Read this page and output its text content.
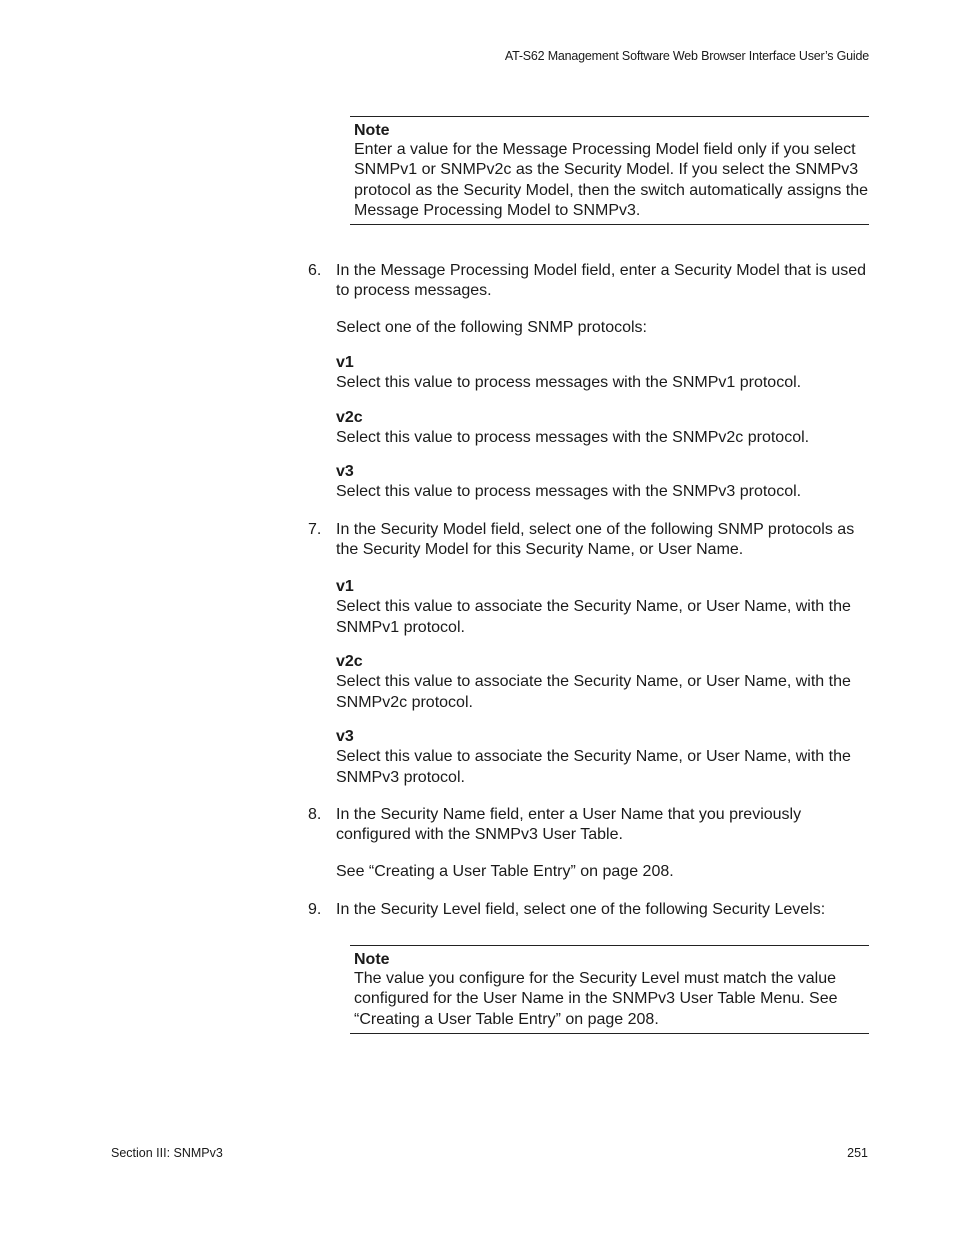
AT-S62 Management Software Web Browser Interface User’s Guide
Note
Enter a value for the Message Processing Model field only if you select SNMPv1 or SNMPv2c as the Security Model. If you select the SNMPv3 protocol as the Security Model, then the switch automatically assigns the Message Processing Model to SNMPv3.
6. In the Message Processing Model field, enter a Security Model that is used to process messages.
Select one of the following SNMP protocols:
v1
Select this value to process messages with the SNMPv1 protocol.
v2c
Select this value to process messages with the SNMPv2c protocol.
v3
Select this value to process messages with the SNMPv3 protocol.
7. In the Security Model field, select one of the following SNMP protocols as the Security Model for this Security Name, or User Name.
v1
Select this value to associate the Security Name, or User Name, with the SNMPv1 protocol.
v2c
Select this value to associate the Security Name, or User Name, with the SNMPv2c protocol.
v3
Select this value to associate the Security Name, or User Name, with the SNMPv3 protocol.
8. In the Security Name field, enter a User Name that you previously configured with the SNMPv3 User Table.
See “Creating a User Table Entry” on page 208.
9. In the Security Level field, select one of the following Security Levels:
Note
The value you configure for the Security Level must match the value configured for the User Name in the SNMPv3 User Table Menu. See “Creating a User Table Entry” on page 208.
Section III: SNMPv3	251
